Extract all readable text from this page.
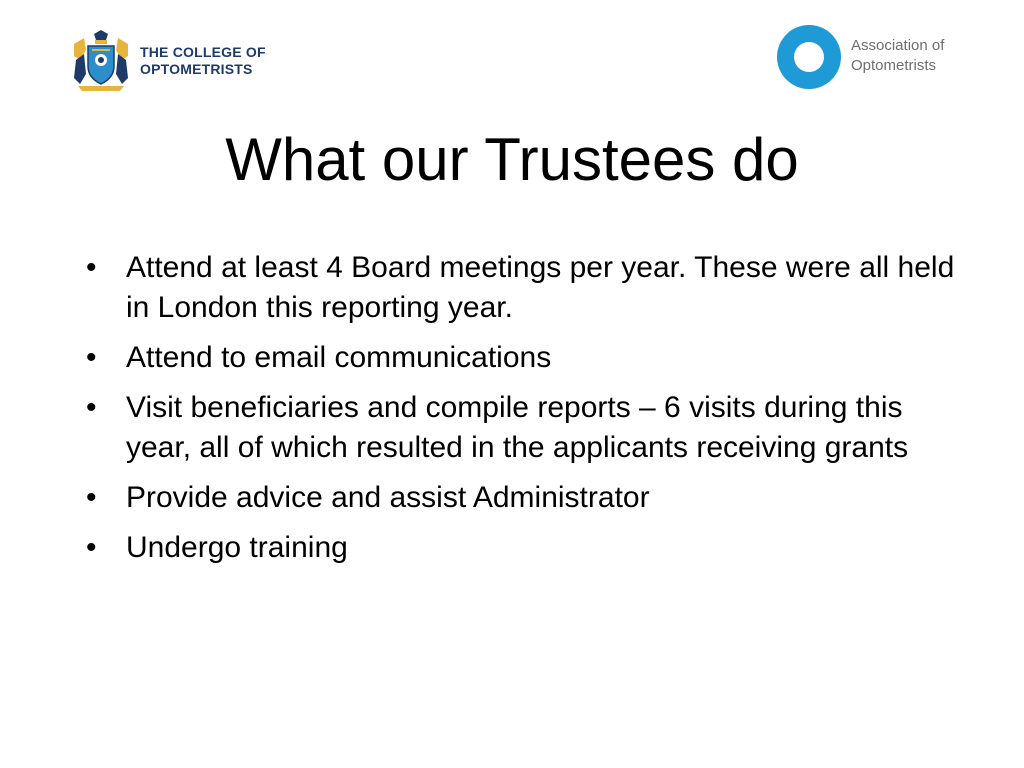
THE COLLEGE OF
OPTOMETRISTS
Association of
Optometrists
What our Trustees do
• Attend at least 4 Board meetings per year. These were all held in London this reporting year.
• Attend to email communications
• Visit beneficiaries and compile reports – 6 visits during this year, all of which resulted in the applicants receiving grants
• Provide advice and assist Administrator
• Undergo training
